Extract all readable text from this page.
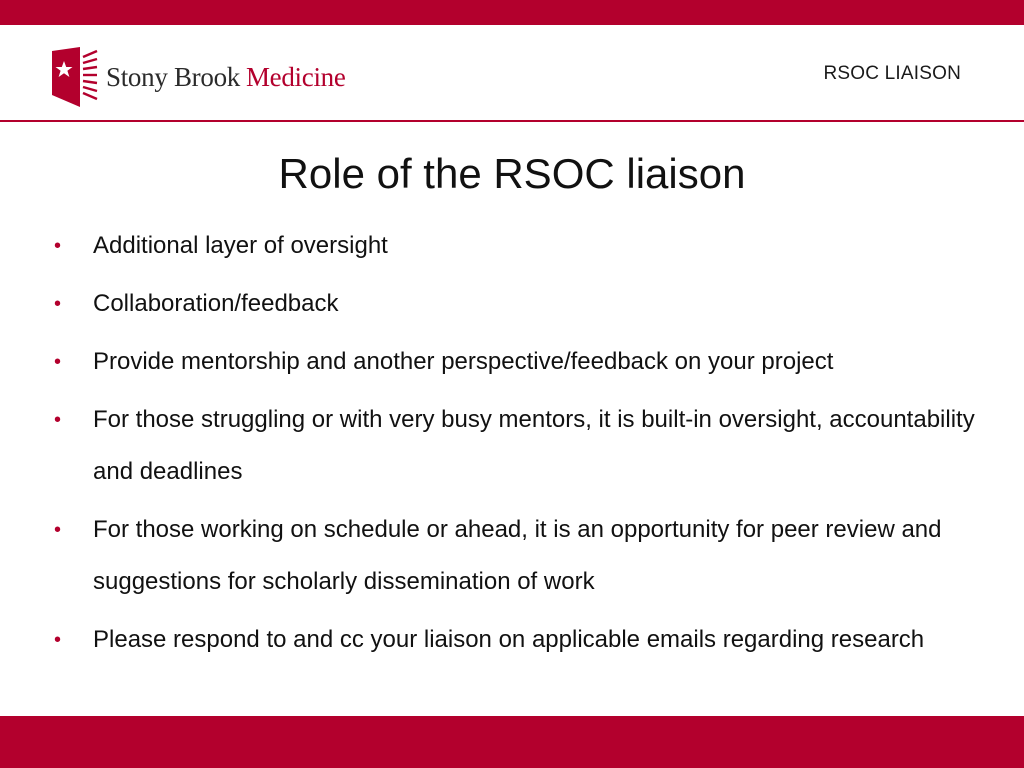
Stony Brook Medicine	RSOC LIAISON
Role of the RSOC liaison
• Additional layer of oversight
• Collaboration/feedback
• Provide mentorship and another perspective/feedback on your project
• For those struggling or with very busy mentors, it is built-in oversight, accountability and deadlines
• For those working on schedule or ahead, it is an opportunity for peer review and suggestions for scholarly dissemination of work
• Please respond to and cc your liaison on applicable emails regarding research
